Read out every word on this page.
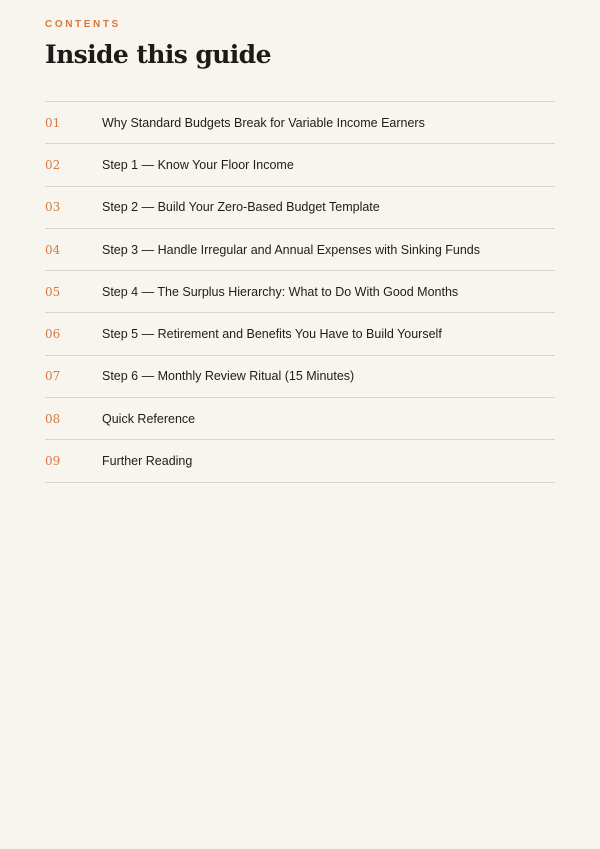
CONTENTS
Inside this guide
01	Why Standard Budgets Break for Variable Income Earners
02	Step 1 — Know Your Floor Income
03	Step 2 — Build Your Zero-Based Budget Template
04	Step 3 — Handle Irregular and Annual Expenses with Sinking Funds
05	Step 4 — The Surplus Hierarchy: What to Do With Good Months
06	Step 5 — Retirement and Benefits You Have to Build Yourself
07	Step 6 — Monthly Review Ritual (15 Minutes)
08	Quick Reference
09	Further Reading
